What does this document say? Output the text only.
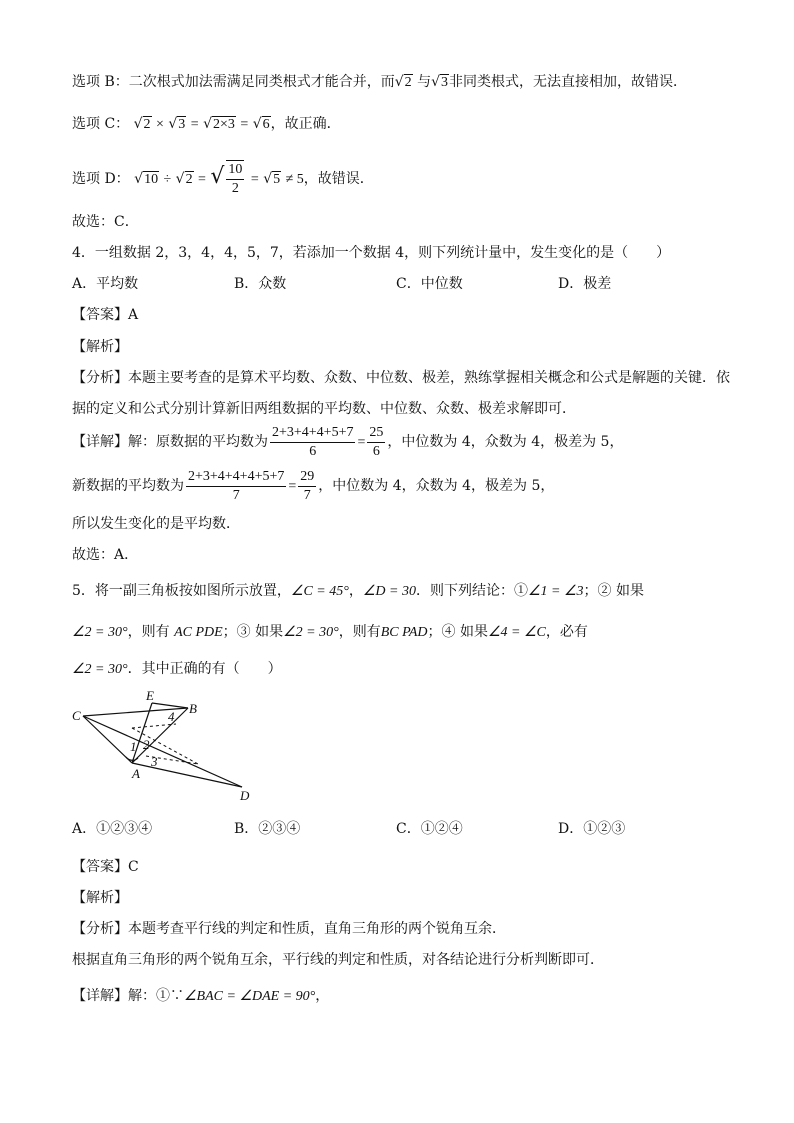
选项 B：二次根式加法需满足同类根式才能合并，而√2 与√3非同类根式，无法直接相加，故错误．
选项 C： √2 × √3 = √2×3 = √6，故正确．
选项 D： √10 ÷ √2 = √ $\frac{10}{2} = √5 \ne 5$，故错误．
故选：C．
4．一组数据 2，3，4，4，5，7，若添加一个数据 4，则下列统计量中，发生变化的是（　　）
A．平均数	B．众数	C．中位数	D．极差
【答案】A
【解析】
【分析】本题主要考查的是算术平均数、众数、中位数、极差，熟练掌握相关概念和公式是解题的关键．依
据的定义和公式分别计算新旧两组数据的平均数、中位数、众数、极差求解即可．
【详解】解：原数据的平均数为 $\frac{2+3+4+4+5+7}{6} = \frac{25}{6}$ ，中位数为 4，众数为 4，极差为 5，
新数据的平均数为 $\frac{2+3+4+4+4+5+7}{7} = \frac{29}{7}$ ，中位数为 4，众数为 4，极差为 5，
所以发生变化的是平均数．
故选：A．
5．将一副三角板按如图所示放置，∠C = 45°，∠D = 30．则下列结论：①∠1 = ∠3；② 如果
∠2 = 30°，则有 AC PDE；③ 如果∠2 = 30°，则有BC PAD；④ 如果∠4 = ∠C，必有
∠2 = 30°．其中正确的有（　　）
C
E
B
4
1 2
3
A
D
A．①②③④	B．②③④	C．①②④	D．①②③
【答案】C
【解析】
【分析】本题考查平行线的判定和性质，直角三角形的两个锐角互余．
根据直角三角形的两个锐角互余，平行线的判定和性质，对各结论进行分析判断即可．
【详解】解：①∵∠BAC = ∠DAE = 90°，
